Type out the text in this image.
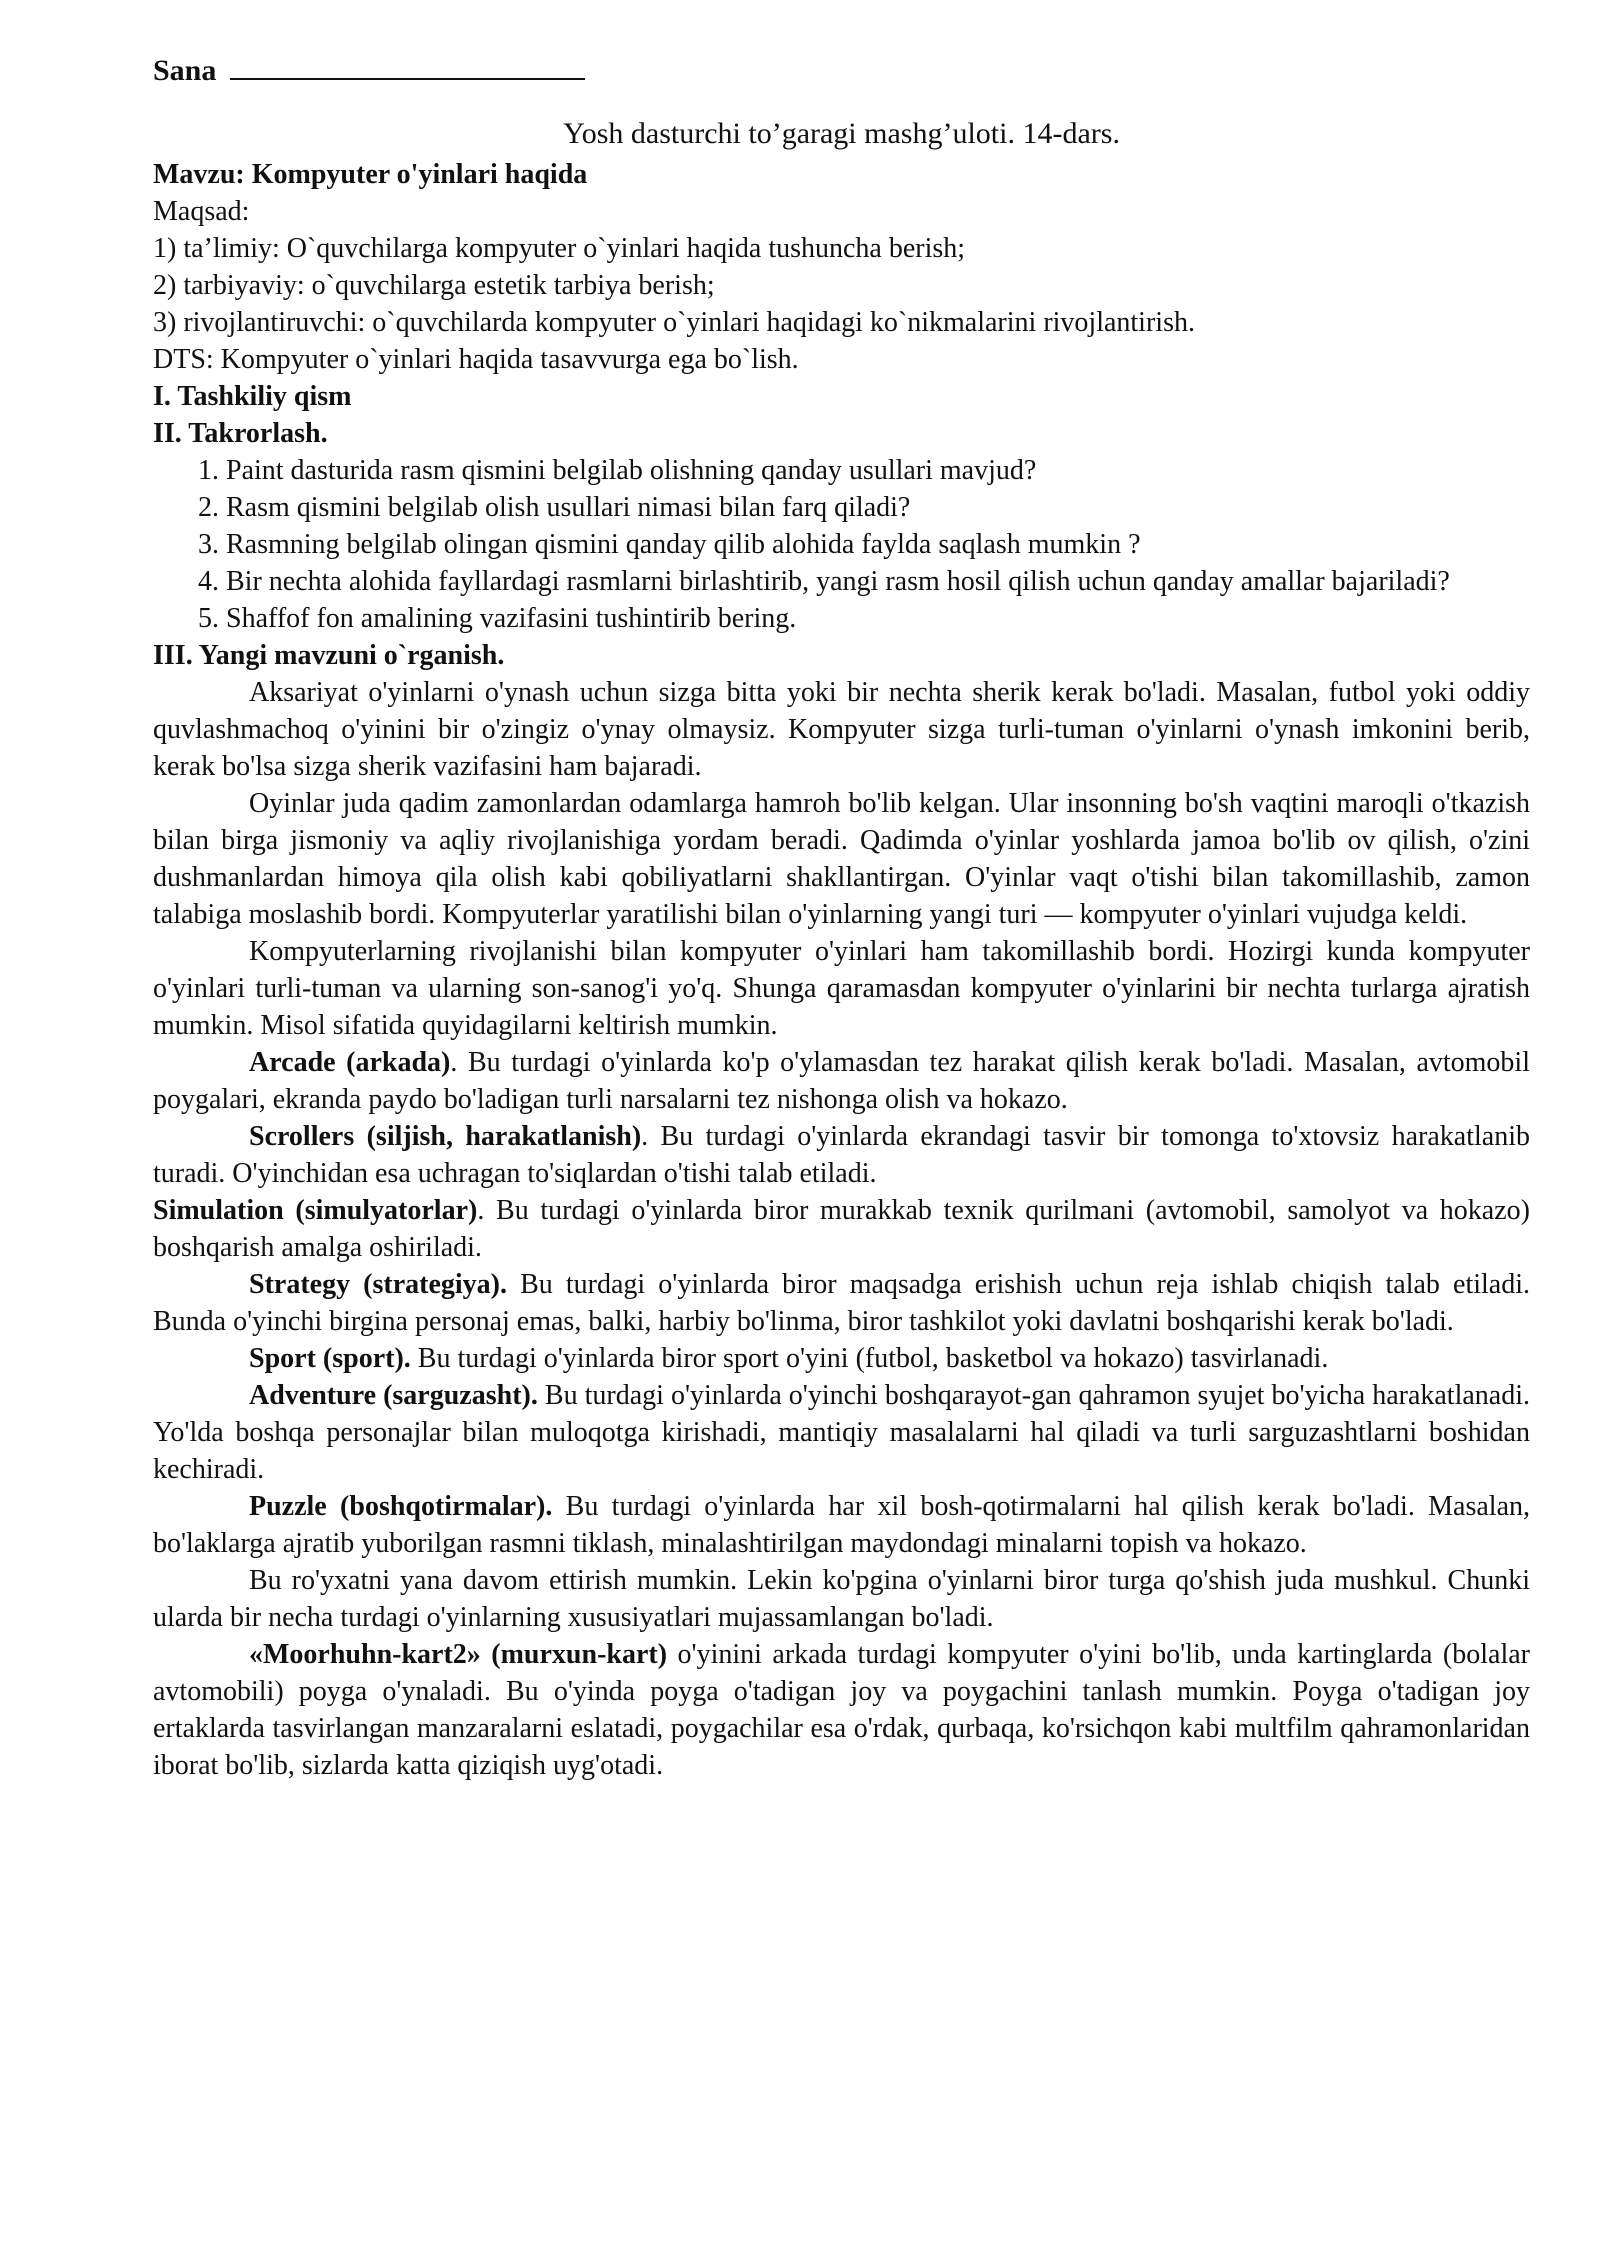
Sana
Yosh dasturchi to’garagi mashg’uloti. 14-dars.

Mavzu: Kompyuter o'yinlari haqida

Maqsad:

1) ta’limiy: O`quvchilarga kompyuter o`yinlari haqida tushuncha berish;

2) tarbiyaviy: o`quvchilarga estetik tarbiya berish;

3) rivojlantiruvchi: o`quvchilarda kompyuter o`yinlari haqidagi ko`nikmalarini rivojlantirish.

DTS: Kompyuter o`yinlari haqida tasavvurga ega bo`lish.

I. Tashkiliy qism

II. Takrorlash.

1. Paint dasturida rasm qismini belgilab olishning qanday usullari mavjud?
2. Rasm qismini belgilab olish usullari nimasi bilan farq qiladi?
3. Rasmning belgilab olingan qismini qanday qilib alohida faylda saqlash mumkin ?
4. Bir nechta alohida fayllardagi rasmlarni birlashtirib, yangi rasm hosil qilish uchun qanday amallar bajariladi?
5. Shaffof fon amalining vazifasini tushintirib bering.

III. Yangi mavzuni o`rganish.

Aksariyat o'yinlarni o'ynash uchun sizga bitta yoki bir nechta sherik kerak bo'ladi. Masalan, futbol yoki oddiy quvlashmachoq o'yinini bir o'zingiz o'ynay olmaysiz. Kompyuter sizga turli-tuman o'yinlarni o'ynash imkonini berib, kerak bo'lsa sizga sherik vazifasini ham bajaradi.

Oyinlar juda qadim zamonlardan odamlarga hamroh bo'lib kelgan. Ular insonning bo'sh vaqtini maroqli o'tkazish bilan birga jismoniy va aqliy rivojlanishiga yordam beradi. Qadimda o'yinlar yoshlarda jamoa bo'lib ov qilish, o'zini dushmanlardan himoya qila olish kabi qobiliyatlarni shakllantirgan. O'yinlar vaqt o'tishi bilan takomillashib, zamon talabiga moslashib bordi. Kompyuterlar yaratilishi bilan o'yinlarning yangi turi — kompyuter o'yinlari vujudga keldi.

Kompyuterlarning rivojlanishi bilan kompyuter o'yinlari ham takomillashib bordi. Hozirgi kunda kompyuter o'yinlari turli-tuman va ularning son-sanog'i yo'q. Shunga qaramasdan kompyuter o'yinlarini bir nechta turlarga ajratish mumkin. Misol sifatida quyidagilarni keltirish mumkin.

Arcade (arkada). Bu turdagi o'yinlarda ko'p o'ylamasdan tez harakat qilish kerak bo'ladi. Masalan, avtomobil poygalari, ekranda paydo bo'ladigan turli narsalarni tez nishonga olish va hokazo.

Scrollers (siljish, harakatlanish). Bu turdagi o'yinlarda ekrandagi tasvir bir tomonga to'xtovsiz harakatlanib turadi. O'yinchidan esa uchragan to'siqlardan o'tishi talab etiladi.

Simulation (simulyatorlar). Bu turdagi o'yinlarda biror murakkab texnik qurilmani (avtomobil, samolyot va hokazo) boshqarish amalga oshiriladi.

Strategy (strategiya). Bu turdagi o'yinlarda biror maqsadga erishish uchun reja ishlab chiqish talab etiladi. Bunda o'yinchi birgina personaj emas, balki, harbiy bo'linma, biror tashkilot yoki davlatni boshqarishi kerak bo'ladi.

Sport (sport). Bu turdagi o'yinlarda biror sport o'yini (futbol, basketbol va hokazo) tasvirlanadi.

Adventure (sarguzasht). Bu turdagi o'yinlarda o'yinchi boshqarayot-gan qahramon syujet bo'yicha harakatlanadi. Yo'lda boshqa personajlar bilan muloqotga kirishadi, mantiqiy masalalarni hal qiladi va turli sarguzashtlarni boshidan kechiradi.

Puzzle (boshqotirmalar). Bu turdagi o'yinlarda har xil bosh-qotirmalarni hal qilish kerak bo'ladi. Masalan, bo'laklarga ajratib yuborilgan rasmni tiklash, minalashtirilgan maydondagi minalarni topish va hokazo.

Bu ro'yxatni yana davom ettirish mumkin. Lekin ko'pgina o'yinlarni biror turga qo'shish juda mushkul. Chunki ularda bir necha turdagi o'yinlarning xususiyatlari mujassamlangan bo'ladi.

«Moorhuhn-kart2» (murxun-kart) o'yinini arkada turdagi kompyuter o'yini bo'lib, unda kartinglarda (bolalar avtomobili) poyga o'ynaladi. Bu o'yinda poyga o'tadigan joy va poygachini tanlash mumkin. Poyga o'tadigan joy ertaklarda tasvirlangan manzaralarni eslatadi, poygachilar esa o'rdak, qurbaqa, ko'rsichqon kabi multfilm qahramonlaridan iborat bo'lib, sizlarda katta qiziqish uyg'otadi.
